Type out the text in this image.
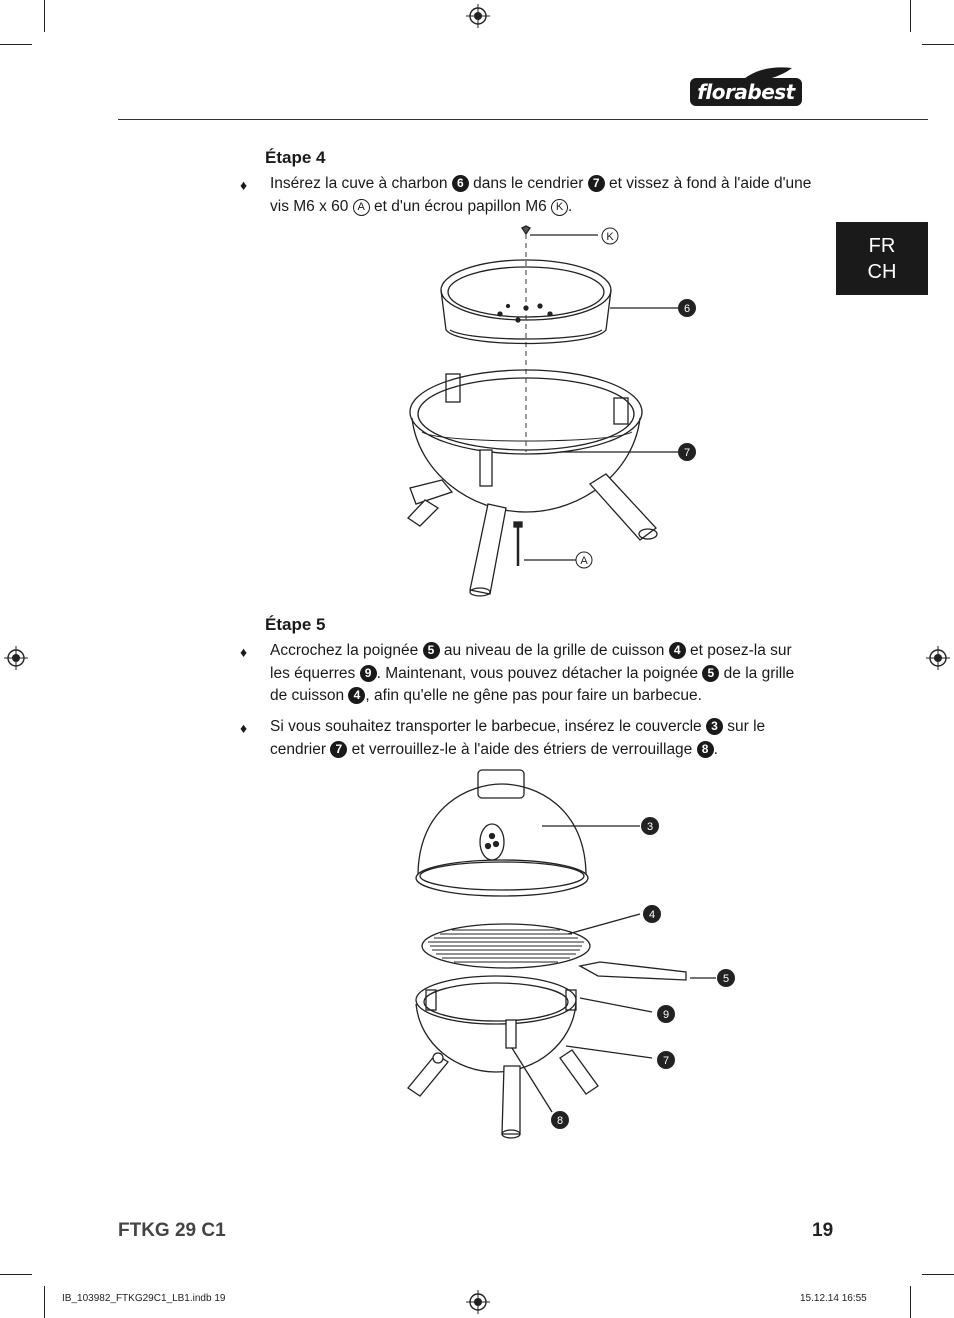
florabest
FR
CH
Étape 4
♦ Insérez la cuve à charbon 6 dans le cendrier 7 et vissez à fond à l'aide d'une vis M6 x 60 A et d'un écrou papillon M6 K .
K
6
7
A
Étape 5
♦ Accrochez la poignée 5 au niveau de la grille de cuisson 4 et posez-la sur les équerres 9 . Maintenant, vous pouvez détacher la poignée 5 de la grille de cuisson 4 , afin qu'elle ne gêne pas pour faire un barbecue.
♦ Si vous souhaitez transporter le barbecue, insérez le couvercle 3 sur le cendrier 7 et verrouillez-le à l'aide des étriers de verrouillage 8 .
3
4
5
9
7
8
FTKG 29 C1	19
IB_103982_FTKG29C1_LB1.indb 19	15.12.14 16:55
